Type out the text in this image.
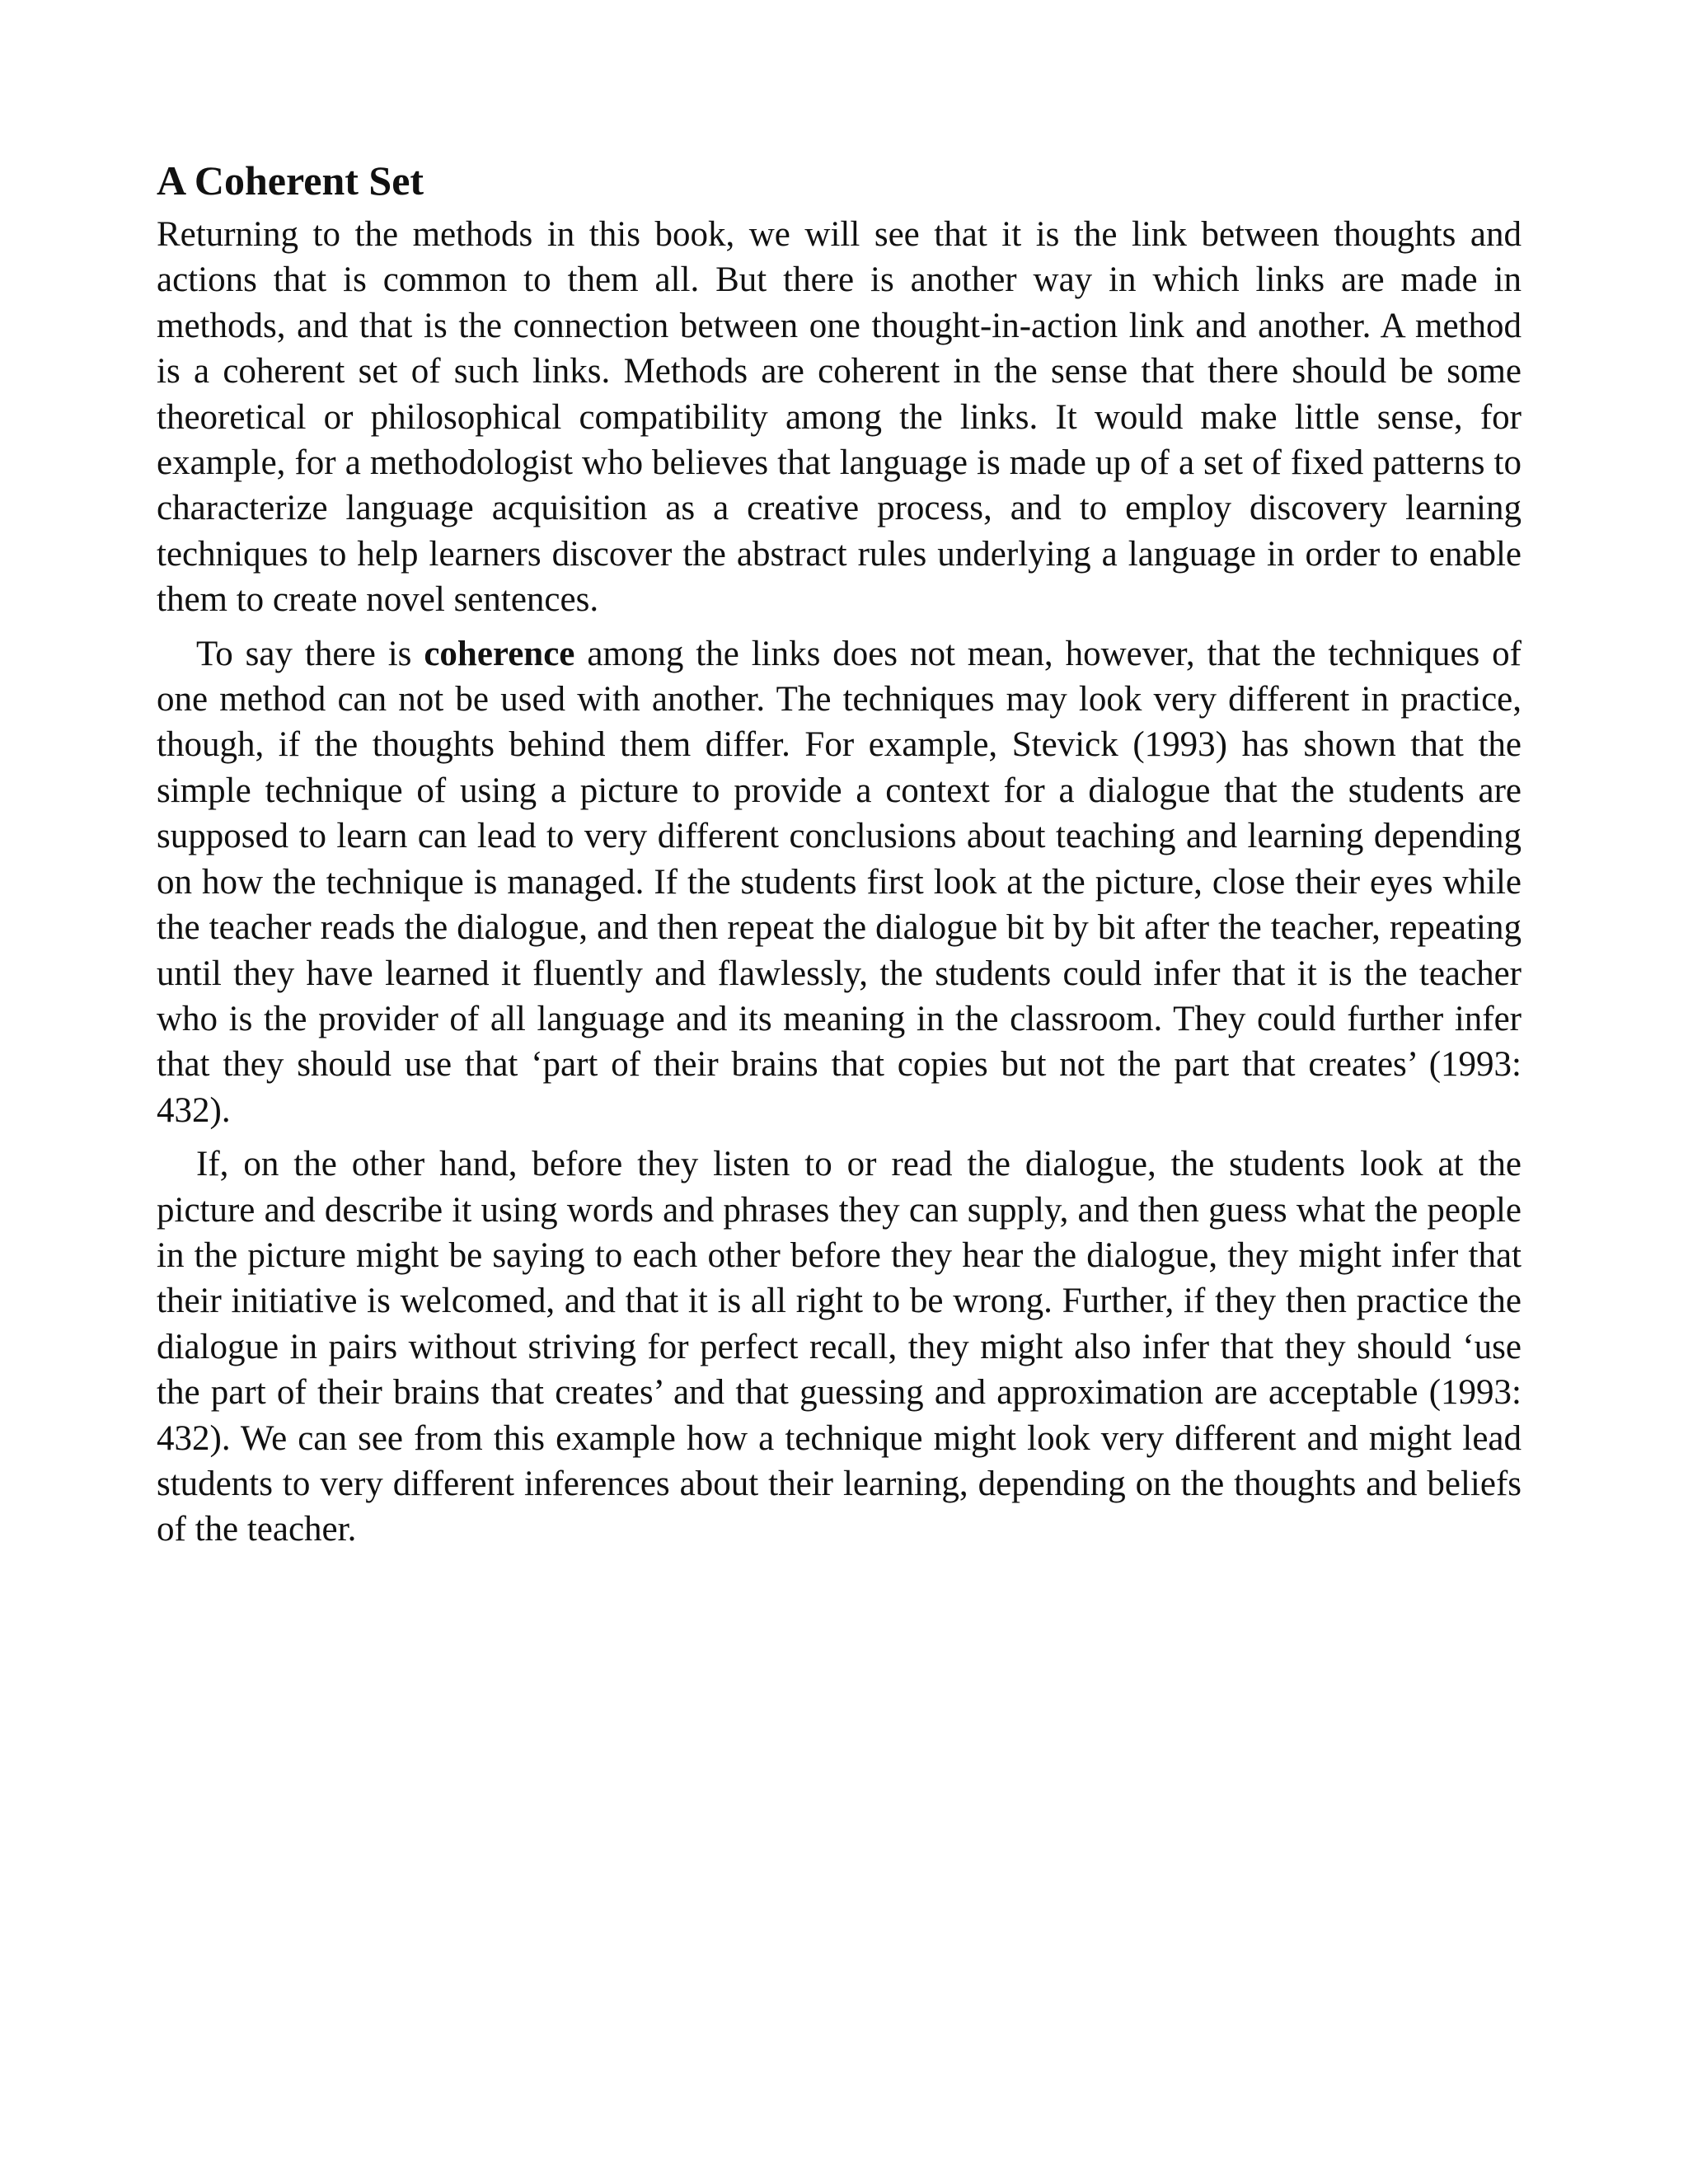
A Coherent Set

Returning to the methods in this book, we will see that it is the link between thoughts and actions that is common to them all. But there is another way in which links are made in methods, and that is the connection between one thought-in-action link and another. A method is a coherent set of such links. Methods are coherent in the sense that there should be some theoretical or philosophical compatibility among the links. It would make little sense, for example, for a methodologist who believes that language is made up of a set of fixed patterns to characterize language acquisition as a creative process, and to employ discovery learning techniques to help learners discover the abstract rules underlying a language in order to enable them to create novel sentences.

To say there is coherence among the links does not mean, however, that the techniques of one method can not be used with another. The techniques may look very different in practice, though, if the thoughts behind them differ. For example, Stevick (1993) has shown that the simple technique of using a picture to provide a context for a dialogue that the students are supposed to learn can lead to very different conclusions about teaching and learning depending on how the technique is managed. If the students first look at the picture, close their eyes while the teacher reads the dialogue, and then repeat the dialogue bit by bit after the teacher, repeating until they have learned it fluently and flawlessly, the students could infer that it is the teacher who is the provider of all language and its meaning in the classroom. They could further infer that they should use that ‘part of their brains that copies but not the part that creates’ (1993: 432).

If, on the other hand, before they listen to or read the dialogue, the students look at the picture and describe it using words and phrases they can supply, and then guess what the people in the picture might be saying to each other before they hear the dialogue, they might infer that their initiative is welcomed, and that it is all right to be wrong. Further, if they then practice the dialogue in pairs without striving for perfect recall, they might also infer that they should ‘use the part of their brains that creates’ and that guessing and approximation are acceptable (1993: 432). We can see from this example how a technique might look very different and might lead students to very different inferences about their learning, depending on the thoughts and beliefs of the teacher.
